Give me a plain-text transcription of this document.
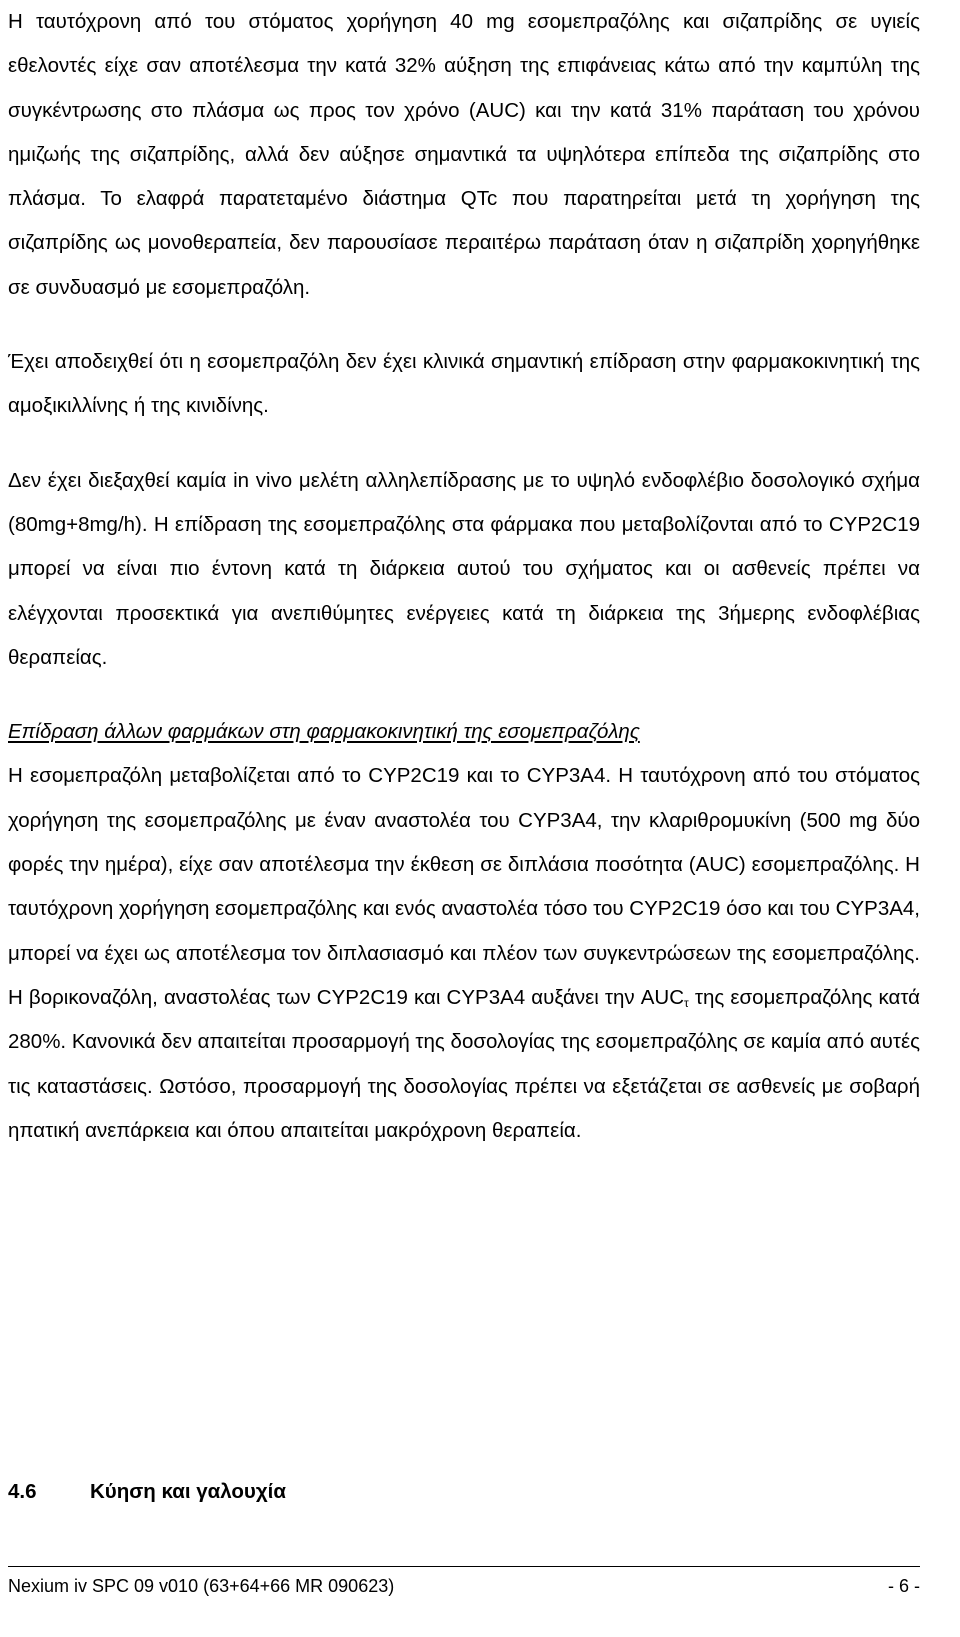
Η ταυτόχρονη από του στόματος χορήγηση 40 mg εσομεπραζόλης και σιζαπρίδης σε υγιείς εθελοντές είχε σαν αποτέλεσμα την κατά 32% αύξηση της επιφάνειας κάτω από την καμπύλη της συγκέντρωσης στο πλάσμα ως προς τον χρόνο (AUC) και την κατά 31% παράταση του χρόνου ημιζωής της σιζαπρίδης, αλλά δεν αύξησε σημαντικά τα υψηλότερα επίπεδα της σιζαπρίδης στο πλάσμα. Το ελαφρά παρατεταμένο διάστημα QTc που παρατηρείται μετά τη χορήγηση της σιζαπρίδης ως μονοθεραπεία, δεν παρουσίασε περαιτέρω παράταση όταν η σιζαπρίδη χορηγήθηκε σε συνδυασμό με εσομεπραζόλη.

Έχει αποδειχθεί ότι η εσομεπραζόλη δεν έχει κλινικά σημαντική επίδραση στην φαρμακοκινητική της αμοξικιλλίνης ή της κινιδίνης.

Δεν έχει διεξαχθεί καμία in vivo μελέτη αλληλεπίδρασης με το υψηλό ενδοφλέβιο δοσολογικό σχήμα (80mg+8mg/h). Η επίδραση της εσομεπραζόλης στα φάρμακα που μεταβολίζονται από το CYP2C19 μπορεί να είναι πιο έντονη κατά τη διάρκεια αυτού του σχήματος και οι ασθενείς πρέπει να ελέγχονται προσεκτικά για ανεπιθύμητες ενέργειες κατά τη διάρκεια της 3ήμερης ενδοφλέβιας θεραπείας.

Επίδραση άλλων φαρμάκων στη φαρμακοκινητική της εσομεπραζόλης

Η εσομεπραζόλη μεταβολίζεται από το CYP2C19 και το CYP3A4. Η ταυτόχρονη από του στόματος χορήγηση της εσομεπραζόλης με έναν αναστολέα του CYP3A4, την κλαριθρομυκίνη (500 mg δύο φορές την ημέρα), είχε σαν αποτέλεσμα την έκθεση σε διπλάσια ποσότητα (AUC) εσομεπραζόλης. Η ταυτόχρονη χορήγηση εσομεπραζόλης και ενός αναστολέα τόσο του CYP2C19 όσο και του CYP3A4, μπορεί να έχει ως αποτέλεσμα τον διπλασιασμό και πλέον των συγκεντρώσεων της εσομεπραζόλης. Η βορικοναζόλη, αναστολέας των CYP2C19 και CYP3A4 αυξάνει την $AUC_\tau$ της εσομεπραζόλης κατά 280%. Κανονικά δεν απαιτείται προσαρμογή της δοσολογίας της εσομεπραζόλης σε καμία από αυτές τις καταστάσεις. Ωστόσο, προσαρμογή της δοσολογίας πρέπει να εξετάζεται σε ασθενείς με σοβαρή ηπατική ανεπάρκεια και όπου απαιτείται μακρόχρονη θεραπεία.

4.6	Κύηση και γαλουχία
Nexium iv SPC 09 v010 (63+64+66 MR 090623)	- 6 -
